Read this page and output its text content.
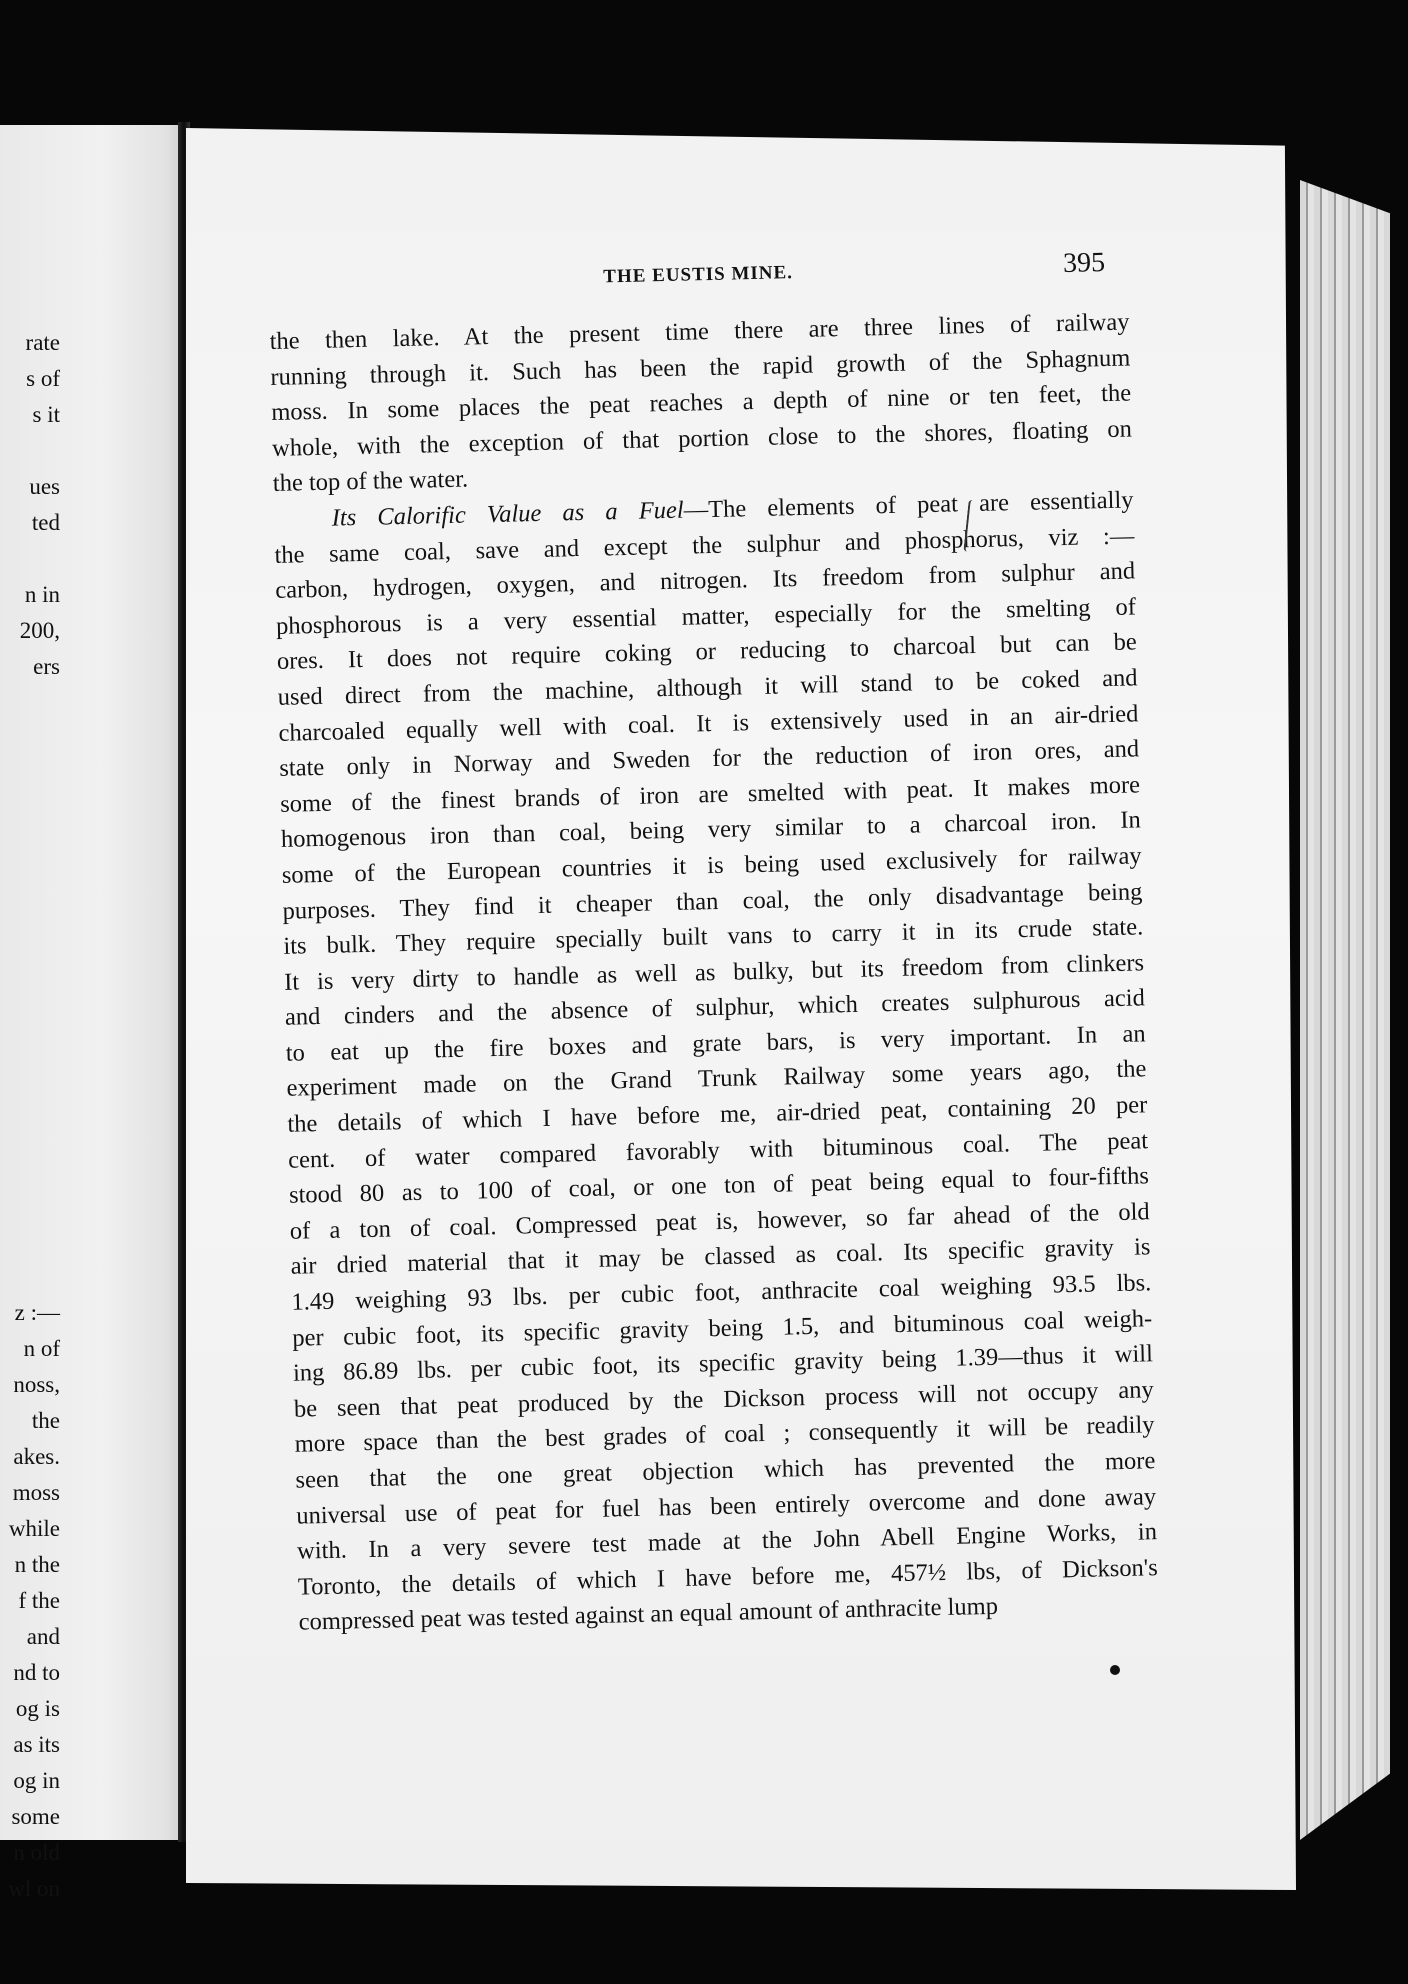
rate
s of
s it
ues
ted
n in
200,
ers
z :—
n of
noss,
the
akes.
moss
while
n the
f the
and
nd to
og is
as its
og in
some
n old
wl on
THE EUSTIS MINE.	395
the then lake. At the present time there are three lines of railway
running through it. Such has been the rapid growth of the Sphagnum
moss. In some places the peat reaches a depth of nine or ten feet, the
whole, with the exception of that portion close to the shores, floating on
the top of the water.
Its Calorific Value as a Fuel—The elements of peat are essentially
the same coal, save and except the sulphur and phosphorus, viz :—
carbon, hydrogen, oxygen, and nitrogen. Its freedom from sulphur and
phosphorous is a very essential matter, especially for the smelting of
ores. It does not require coking or reducing to charcoal but can be
used direct from the machine, although it will stand to be coked and
charcoaled equally well with coal. It is extensively used in an air-dried
state only in Norway and Sweden for the reduction of iron ores, and
some of the finest brands of iron are smelted with peat. It makes more
homogenous iron than coal, being very similar to a charcoal iron. In
some of the European countries it is being used exclusively for railway
purposes. They find it cheaper than coal, the only disadvantage being
its bulk. They require specially built vans to carry it in its crude state.
It is very dirty to handle as well as bulky, but its freedom from clinkers
and cinders and the absence of sulphur, which creates sulphurous acid
to eat up the fire boxes and grate bars, is very important. In an
experiment made on the Grand Trunk Railway some years ago, the
the details of which I have before me, air-dried peat, containing 20 per
cent. of water compared favorably with bituminous coal. The peat
stood 80 as to 100 of coal, or one ton of peat being equal to four-fifths
of a ton of coal. Compressed peat is, however, so far ahead of the old
air dried material that it may be classed as coal. Its specific gravity is
1.49 weighing 93 lbs. per cubic foot, anthracite coal weighing 93.5 lbs.
per cubic foot, its specific gravity being 1.5, and bituminous coal weigh-
ing 86.89 lbs. per cubic foot, its specific gravity being 1.39—thus it will
be seen that peat produced by the Dickson process will not occupy any
more space than the best grades of coal ; consequently it will be readily
seen that the one great objection which has prevented the more
universal use of peat for fuel has been entirely overcome and done away
with. In a very severe test made at the John Abell Engine Works, in
Toronto, the details of which I have before me, 457½ lbs, of Dickson's
compressed peat was tested against an equal amount of anthracite lump
